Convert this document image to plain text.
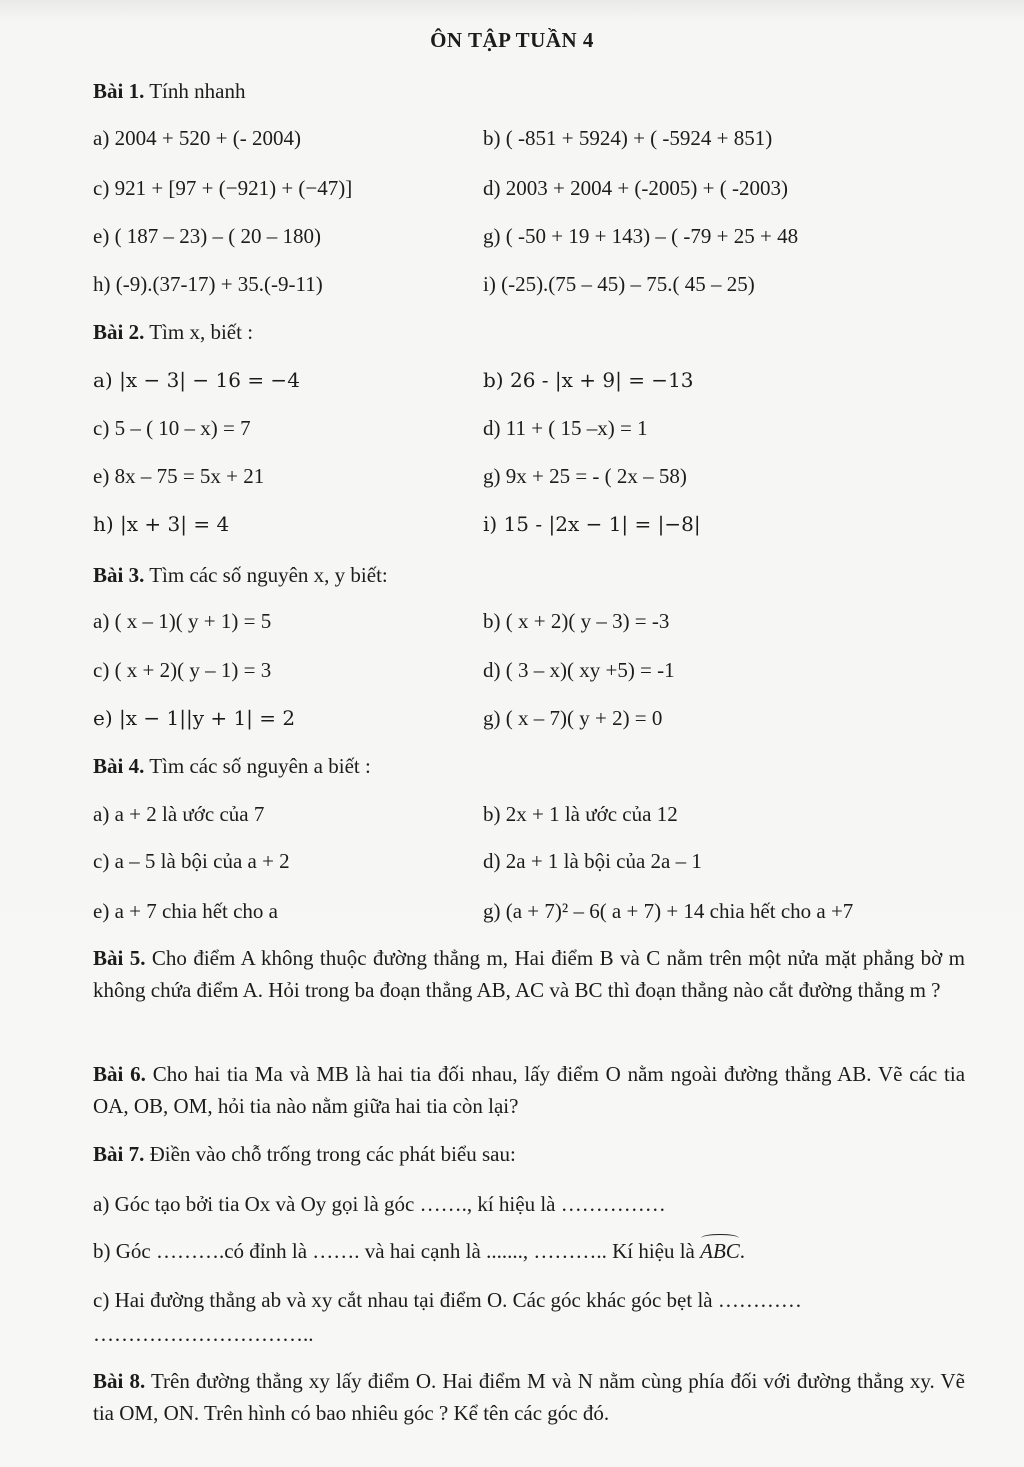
ÔN TẬP TUẦN 4
Bài 1. Tính nhanh
a) 2004 + 520 + (- 2004)	b) ( -851 + 5924) + ( -5924 + 851)
c) 921 + [97 + (−921) + (−47)]	d) 2003 + 2004 + (-2005) + ( -2003)
e) ( 187 – 23) – ( 20 – 180)	g) ( -50 + 19 + 143) – ( -79 + 25 + 48
h) (-9).(37-17) + 35.(-9-11)	i) (-25).(75 – 45) – 75.( 45 – 25)
Bài 2. Tìm x, biết :
a) |x − 3| − 16 = −4	b) 26 - |x + 9| = −13
c) 5 – ( 10 – x) = 7	d) 11 + ( 15 –x) = 1
e) 8x – 75 = 5x + 21	g) 9x + 25 = - ( 2x – 58)
h) |x + 3| = 4	i) 15 - |2x − 1| = |−8|
Bài 3. Tìm các số nguyên x, y biết:
a) ( x – 1)( y + 1) = 5	b) ( x + 2)( y – 3) = -3
c) ( x + 2)( y – 1) = 3	d) ( 3 – x)( xy +5) = -1
e) |x − 1||y + 1| = 2	g) ( x – 7)( y + 2) = 0
Bài 4. Tìm các số nguyên a biết :
a) a + 2 là ước của 7	b) 2x + 1 là ước của 12
c) a – 5 là bội của a + 2	d) 2a + 1 là bội của 2a – 1
e) a + 7 chia hết cho a	g) (a + 7)² – 6( a + 7) + 14 chia hết cho a +7
Bài 5. Cho điểm A không thuộc đường thẳng m, Hai điểm B và C nằm trên một nửa mặt phẳng bờ m không chứa điểm A. Hỏi trong ba đoạn thẳng AB, AC và BC thì đoạn thẳng nào cắt đường thẳng m ?
Bài 6. Cho hai tia Ma và MB là hai tia đối nhau, lấy điểm O nằm ngoài đường thẳng AB. Vẽ các tia OA, OB, OM, hỏi tia nào nằm giữa hai tia còn lại?
Bài 7. Điền vào chỗ trống trong các phát biểu sau:
a) Góc tạo bởi tia Ox và Oy gọi là góc ……., kí hiệu là ……………
b) Góc ……….có đỉnh là ……. và hai cạnh là ......., ……….. Kí hiệu là ABC.
c) Hai đường thẳng ab và xy cắt nhau tại điểm O. Các góc khác góc bẹt là …………
…………………………..
Bài 8. Trên đường thẳng xy lấy điểm O. Hai điểm M và N nằm cùng phía đối với đường thẳng xy. Vẽ tia OM, ON. Trên hình có bao nhiêu góc ? Kể tên các góc đó.
